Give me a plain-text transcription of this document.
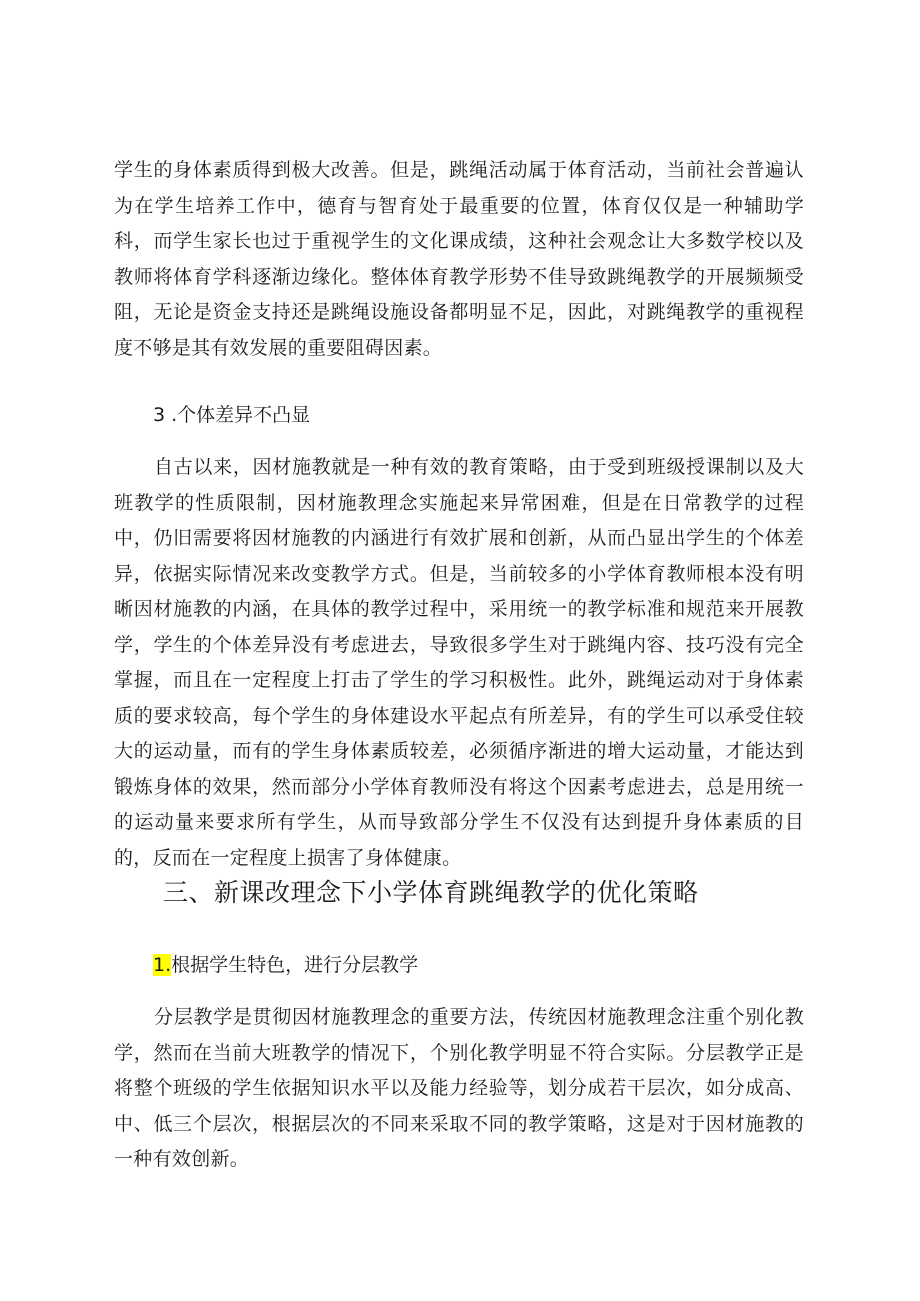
学生的身体素质得到极大改善。但是，跳绳活动属于体育活动，当前社会普遍认为在学生培养工作中，德育与智育处于最重要的位置，体育仅仅是一种辅助学科，而学生家长也过于重视学生的文化课成绩，这种社会观念让大多数学校以及教师将体育学科逐渐边缘化。整体体育教学形势不佳导致跳绳教学的开展频频受阻，无论是资金支持还是跳绳设施设备都明显不足，因此，对跳绳教学的重视程度不够是其有效发展的重要阻碍因素。

3 .个体差异不凸显

自古以来，因材施教就是一种有效的教育策略，由于受到班级授课制以及大班教学的性质限制，因材施教理念实施起来异常困难，但是在日常教学的过程中，仍旧需要将因材施教的内涵进行有效扩展和创新，从而凸显出学生的个体差异，依据实际情况来改变教学方式。但是，当前较多的小学体育教师根本没有明晰因材施教的内涵，在具体的教学过程中，采用统一的教学标准和规范来开展教学，学生的个体差异没有考虑进去，导致很多学生对于跳绳内容、技巧没有完全掌握，而且在一定程度上打击了学生的学习积极性。此外，跳绳运动对于身体素质的要求较高，每个学生的身体建设水平起点有所差异，有的学生可以承受住较大的运动量，而有的学生身体素质较差，必须循序渐进的增大运动量，才能达到锻炼身体的效果，然而部分小学体育教师没有将这个因素考虑进去，总是用统一的运动量来要求所有学生，从而导致部分学生不仅没有达到提升身体素质的目的，反而在一定程度上损害了身体健康。

三、新课改理念下小学体育跳绳教学的优化策略

1.根据学生特色，进行分层教学

分层教学是贯彻因材施教理念的重要方法，传统因材施教理念注重个别化教学，然而在当前大班教学的情况下，个别化教学明显不符合实际。分层教学正是将整个班级的学生依据知识水平以及能力经验等，划分成若干层次，如分成高、中、低三个层次，根据层次的不同来采取不同的教学策略，这是对于因材施教的一种有效创新。
